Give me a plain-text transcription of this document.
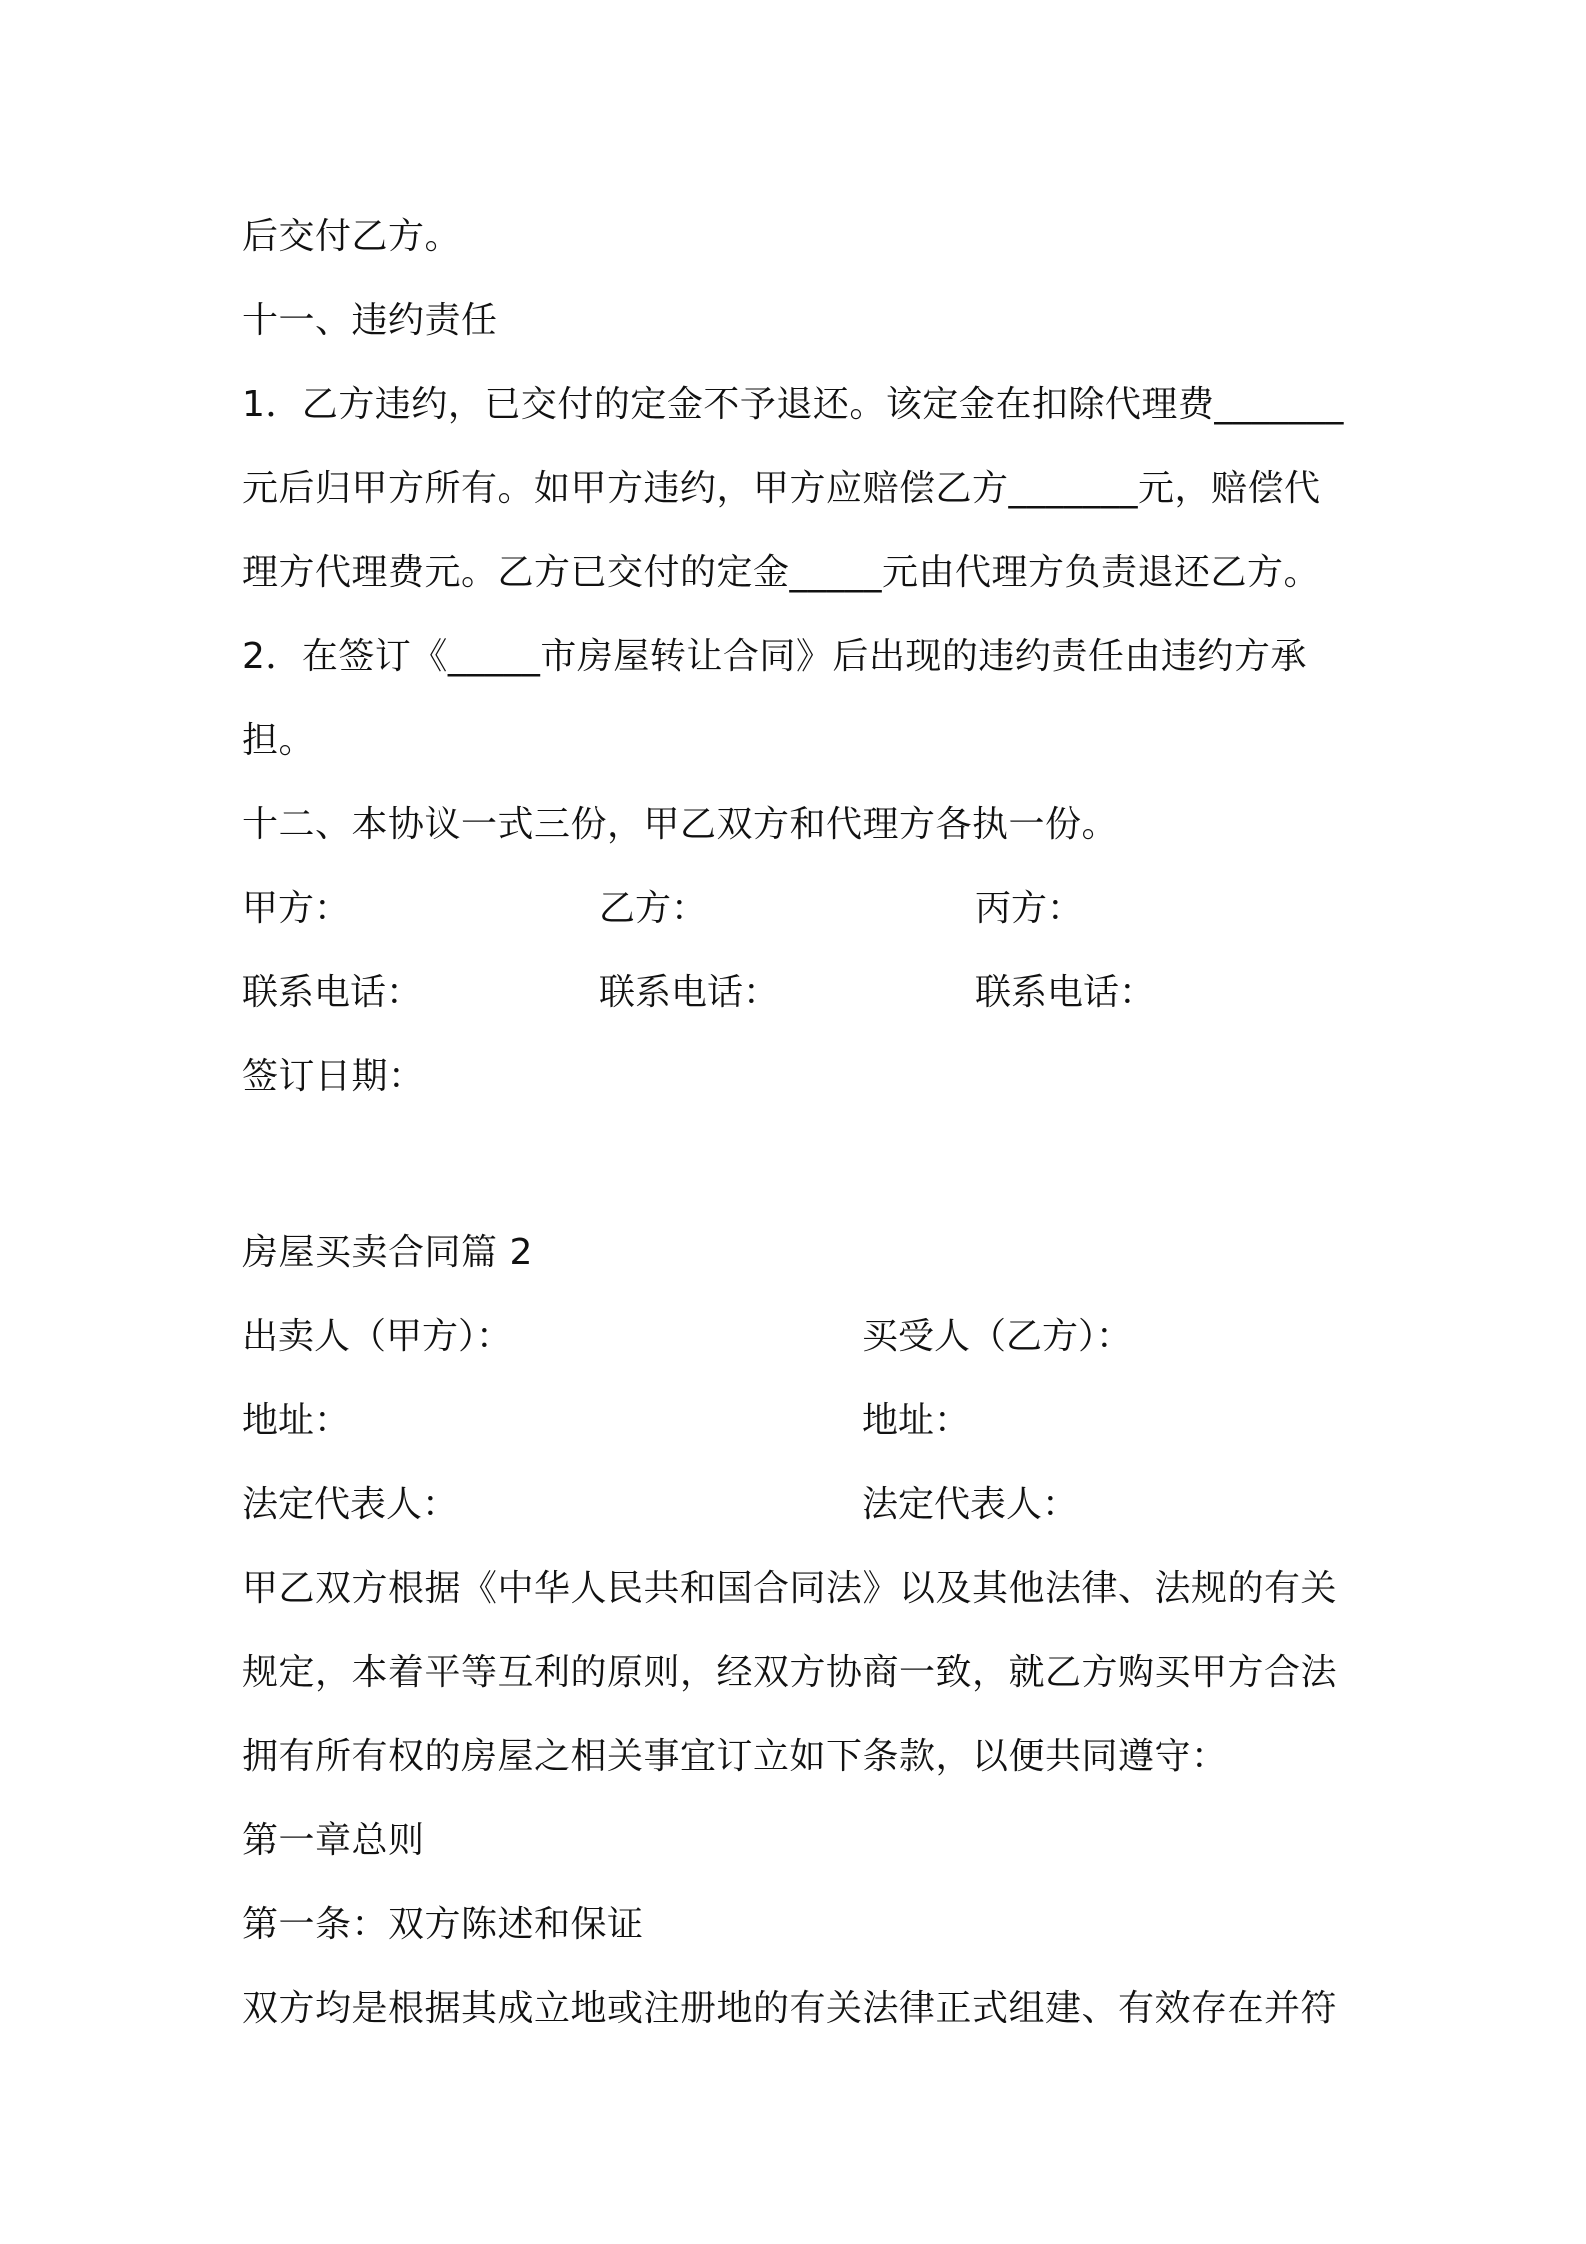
后交付乙方。
十一、违约责任
1．乙方违约，已交付的定金不予退还。该定金在扣除代理费_______
元后归甲方所有。如甲方违约，甲方应赔偿乙方_______元，赔偿代
理方代理费元。乙方已交付的定金_____元由代理方负责退还乙方。
2．在签订《_____市房屋转让合同》后出现的违约责任由违约方承
担。
十二、本协议一式三份，甲乙双方和代理方各执一份。
甲方：	乙方：	丙方：
联系电话：	联系电话：	联系电话：
签订日期：
房屋买卖合同篇 2
出卖人（甲方）：	买受人（乙方）：
地址：	地址：
法定代表人：	法定代表人：
甲乙双方根据《中华人民共和国合同法》以及其他法律、法规的有关
规定，本着平等互利的原则，经双方协商一致，就乙方购买甲方合法
拥有所有权的房屋之相关事宜订立如下条款，以便共同遵守：
第一章总则
第一条：双方陈述和保证
双方均是根据其成立地或注册地的有关法律正式组建、有效存在并符
